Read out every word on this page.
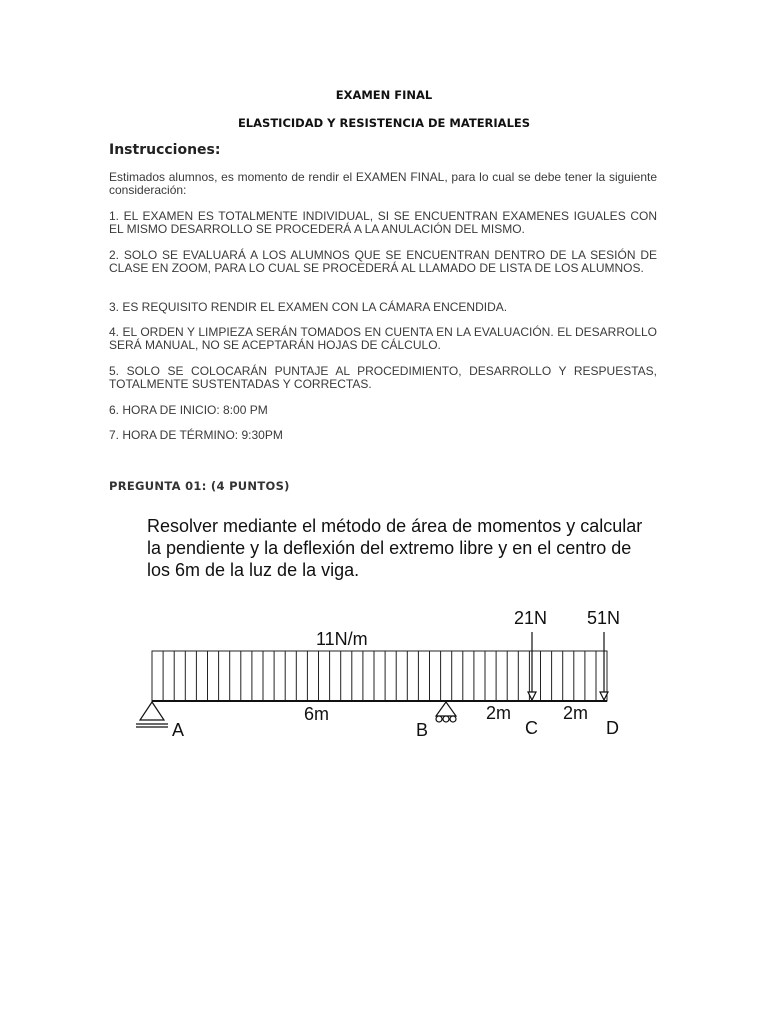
EXAMEN FINAL
ELASTICIDAD Y RESISTENCIA DE MATERIALES
Instrucciones:
Estimados alumnos, es momento de rendir el EXAMEN FINAL, para lo cual se debe tener la siguiente consideración:
1. EL EXAMEN ES TOTALMENTE INDIVIDUAL, SI SE ENCUENTRAN EXAMENES IGUALES CON EL MISMO DESARROLLO SE PROCEDERÁ A LA ANULACIÓN DEL MISMO.
2. SOLO SE EVALUARÁ A LOS ALUMNOS QUE SE ENCUENTRAN DENTRO DE LA SESIÓN DE CLASE EN ZOOM, PARA LO CUAL SE PROCEDERÁ AL LLAMADO DE LISTA DE LOS ALUMNOS.
3. ES REQUISITO RENDIR EL EXAMEN CON LA CÁMARA ENCENDIDA.
4. EL ORDEN Y LIMPIEZA SERÁN TOMADOS EN CUENTA EN LA EVALUACIÓN. EL DESARROLLO SERÁ MANUAL, NO SE ACEPTARÁN HOJAS DE CÁLCULO.
5. SOLO SE COLOCARÁN PUNTAJE AL PROCEDIMIENTO, DESARROLLO Y RESPUESTAS, TOTALMENTE SUSTENTADAS Y CORRECTAS.
6. HORA DE INICIO: 8:00 PM
7. HORA DE TÉRMINO: 9:30PM
PREGUNTA 01: (4 PUNTOS)
Resolver mediante el método de área de momentos y calcular la pendiente y la deflexión del extremo libre y en el centro de los 6m de la luz de la viga.
11N/m
21N 51N
6m	2m	2m
A	B	C	D
